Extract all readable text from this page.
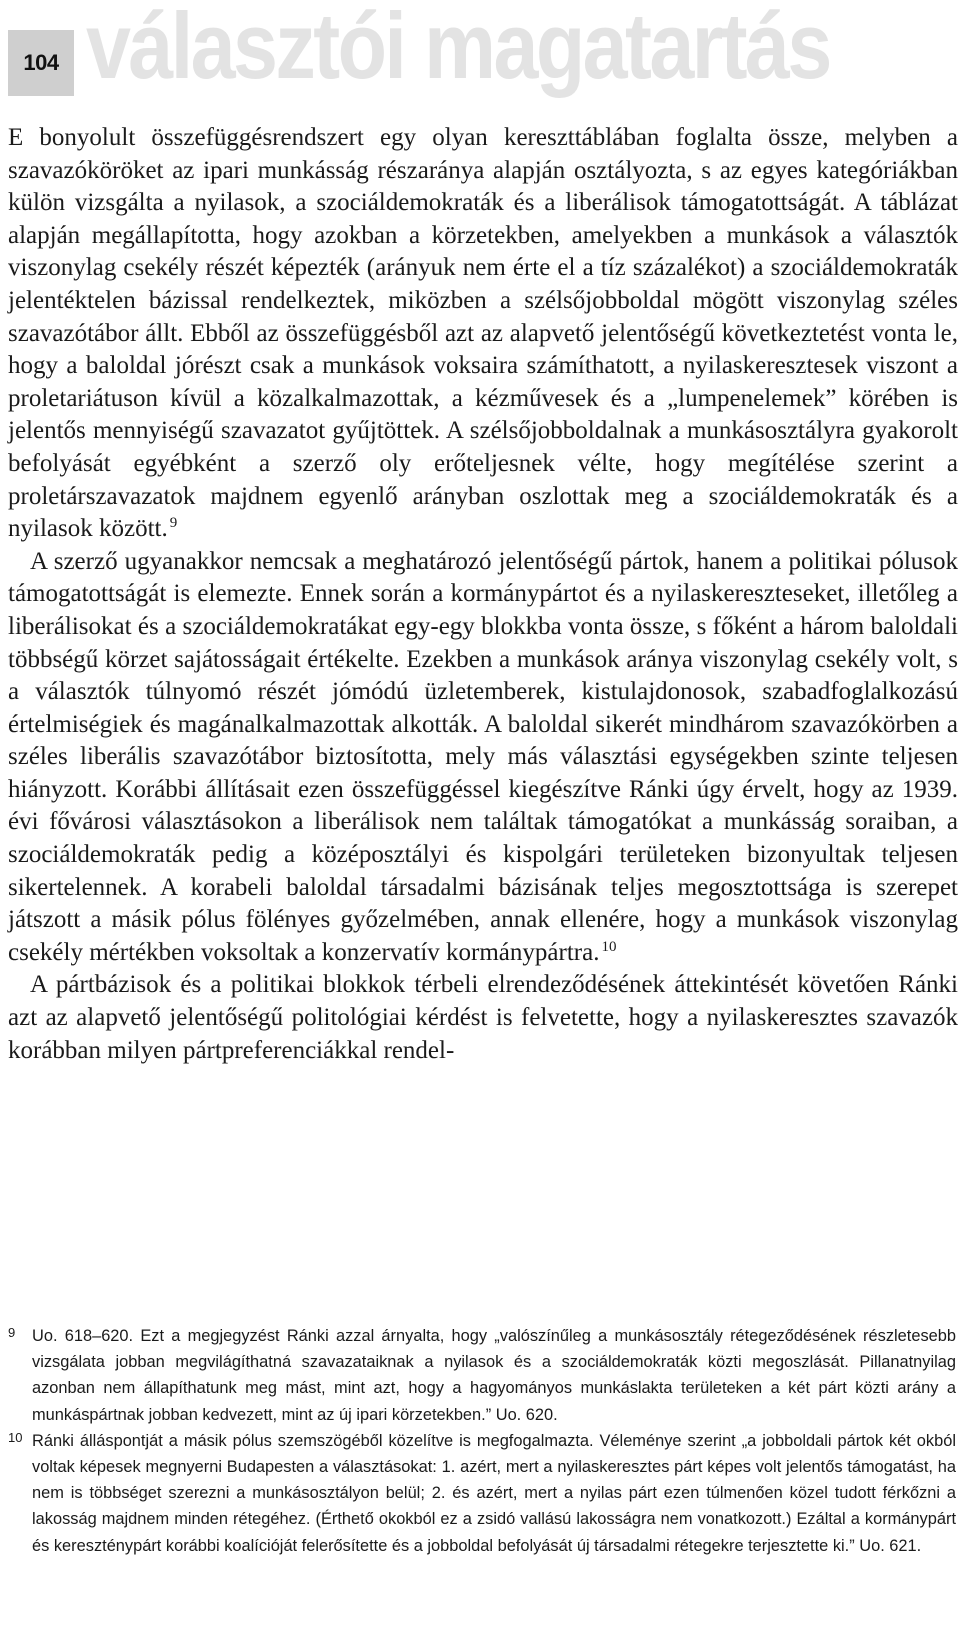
104 választói magatartás

E bonyolult összefüggésrendszert egy olyan kereszttáblában foglalta össze, melyben a szavazóköröket az ipari munkásság részaránya alapján osztályozta, s az egyes kategóriákban külön vizsgálta a nyilasok, a szociáldemokraták és a liberálisok támogatottságát. A táblázat alapján megállapította, hogy azokban a körzetekben, amelyekben a munkások a választók viszonylag csekély részét képezték (arányuk nem érte el a tíz százalékot) a szociáldemokraták jelentéktelen bázissal rendelkeztek, miközben a szélsőjobboldal mögött viszonylag széles szavazótábor állt. Ebből az összefüggésből azt az alapvető jelentőségű következtetést vonta le, hogy a baloldal jórészt csak a munkások voksaira számíthatott, a nyilaskeresztesek viszont a proletariátuson kívül a közalkalmazottak, a kézművesek és a „lumpenelemek” körében is jelentős mennyiségű szavazatot gyűjtöttek. A szélsőjobboldalnak a munkásosztályra gyakorolt befolyását egyébként a szerző oly erőteljesnek vélte, hogy megítélése szerint a proletárszavazatok majdnem egyenlő arányban oszlottak meg a szociáldemokraták és a nyilasok között. $^9$

A szerző ugyanakkor nemcsak a meghatározó jelentőségű pártok, hanem a politikai pólusok támogatottságát is elemezte. Ennek során a kormánypártot és a nyilaskereszteseket, illetőleg a liberálisokat és a szociáldemokratákat egy-egy blokkba vonta össze, s főként a három baloldali többségű körzet sajátosságait értékelte. Ezekben a munkások aránya viszonylag csekély volt, s a választók túlnyomó részét jómódú üzletemberek, kistulajdonosok, szabadfoglalkozású értelmiségiek és magánalkalmazottak alkották. A baloldal sikerét mindhárom szavazókörben a széles liberális szavazótábor biztosította, mely más választási egységekben szinte teljesen hiányzott. Korábbi állításait ezen összefüggéssel kiegészítve Ránki úgy érvelt, hogy az 1939. évi fővárosi választásokon a liberálisok nem találtak támogatókat a munkásság soraiban, a szociáldemokraták pedig a középosztályi és kispolgári területeken bizonyultak teljesen sikertelennek. A korabeli baloldal társadalmi bázisának teljes megosztottsága is szerepet játszott a másik pólus fölényes győzelmében, annak ellenére, hogy a munkások viszonylag csekély mértékben voksoltak a konzervatív kormánypártra. $^{10}$

A pártbázisok és a politikai blokkok térbeli elrendeződésének áttekintését követően Ránki azt az alapvető jelentőségű politológiai kérdést is felvetette, hogy a nyilaskeresztes szavazók korábban milyen pártpreferenciákkal rendel-

9 Uo. 618–620. Ezt a megjegyzést Ránki azzal árnyalta, hogy „valószínűleg a munkásosztály rétegeződésének részletesebb vizsgálata jobban megvilágíthatná szavazataiknak a nyilasok és a szociáldemokraták közti megoszlását. Pillanatnyilag azonban nem állapíthatunk meg mást, mint azt, hogy a hagyományos munkáslakta területeken a két párt közti arány a munkáspártnak jobban kedvezett, mint az új ipari körzetekben.” Uo. 620.

10 Ránki álláspontját a másik pólus szemszögéből közelítve is megfogalmazta. Véleménye szerint „a jobboldali pártok két okból voltak képesek megnyerni Budapesten a választásokat: 1. azért, mert a nyilaskeresztes párt képes volt jelentős támogatást, ha nem is többséget szerezni a munkásosztályon belül; 2. és azért, mert a nyilas párt ezen túlmenően közel tudott férkőzni a lakosság majdnem minden rétegéhez. (Érthető okokból ez a zsidó vallású lakosságra nem vonatkozott.) Ezáltal a kormánypárt és kereszténypárt korábbi koalícióját felerősítette és a jobboldal befolyását új társadalmi rétegekre terjesztette ki.” Uo. 621.
